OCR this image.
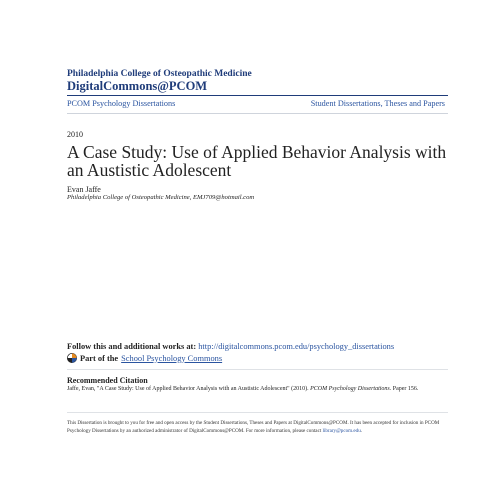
Philadelphia College of Osteopathic Medicine
DigitalCommons@PCOM
PCOM Psychology Dissertations	Student Dissertations, Theses and Papers
2010
A Case Study: Use of Applied Behavior Analysis with an Austistic Adolescent
Evan Jaffe
Philadelphia College of Osteopathic Medicine, EMJ709@hotmail.com
Follow this and additional works at: http://digitalcommons.pcom.edu/psychology_dissertations
Part of the School Psychology Commons
Recommended Citation
Jaffe, Evan, "A Case Study: Use of Applied Behavior Analysis with an Austistic Adolescent" (2010). PCOM Psychology Dissertations. Paper 156.
This Dissertation is brought to you for free and open access by the Student Dissertations, Theses and Papers at DigitalCommons@PCOM. It has been accepted for inclusion in PCOM Psychology Dissertations by an authorized administrator of DigitalCommons@PCOM. For more information, please contact library@pcom.edu.
